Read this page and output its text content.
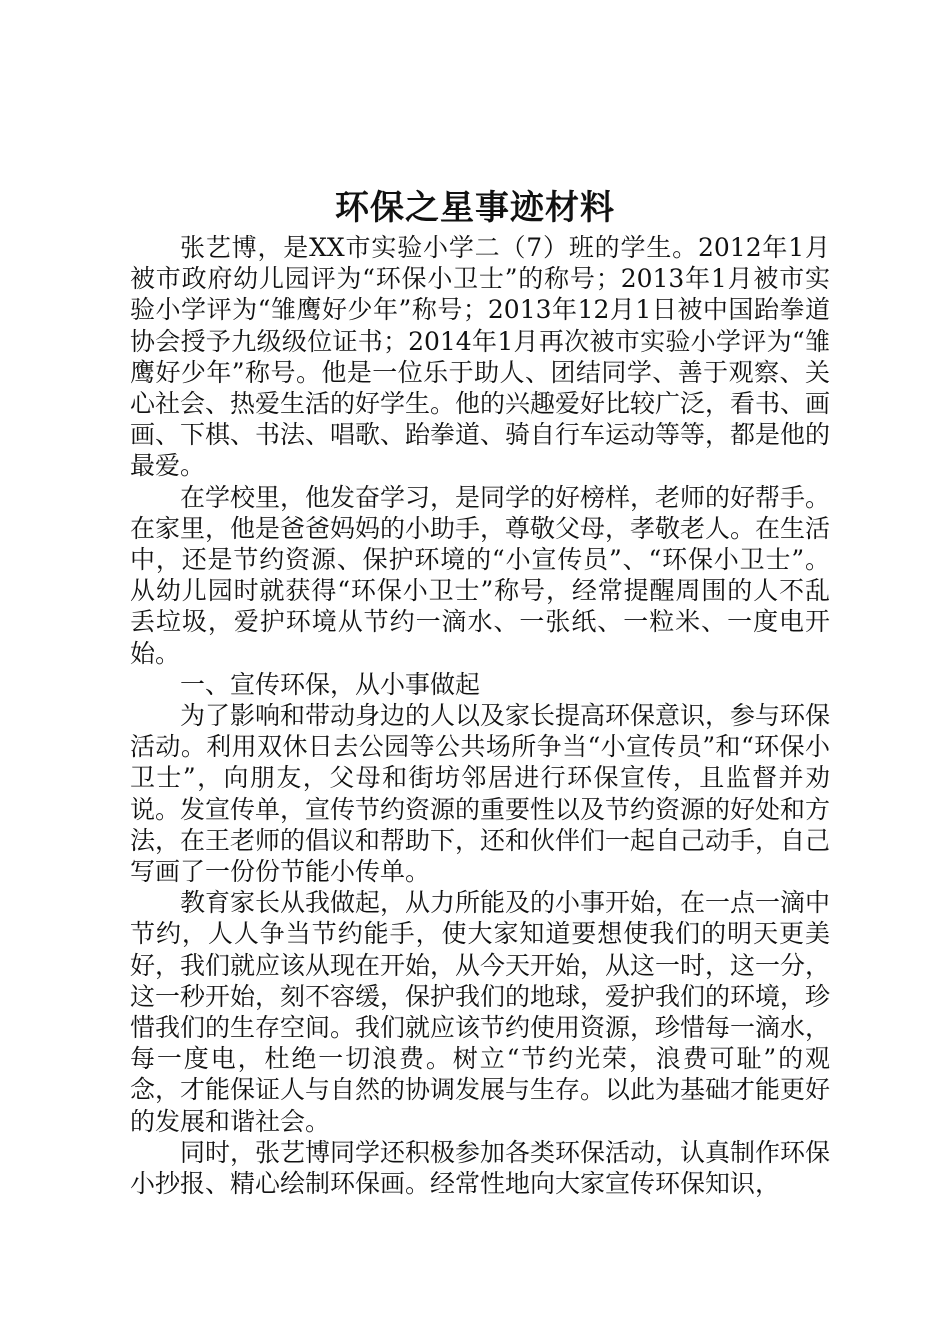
环保之星事迹材料

张艺博，是XX市实验小学二（7）班的学生。2012年1月被市政府幼儿园评为“环保小卫士”的称号；2013年1月被市实验小学评为“雏鹰好少年”称号；2013年12月1日被中国跆拳道协会授予九级级位证书；2014年1月再次被市实验小学评为“雏鹰好少年”称号。他是一位乐于助人、团结同学、善于观察、关心社会、热爱生活的好学生。他的兴趣爱好比较广泛，看书、画画、下棋、书法、唱歌、跆拳道、骑自行车运动等等，都是他的最爱。

在学校里，他发奋学习，是同学的好榜样，老师的好帮手。在家里，他是爸爸妈妈的小助手，尊敬父母，孝敬老人。在生活中，还是节约资源、保护环境的“小宣传员”、“环保小卫士”。从幼儿园时就获得“环保小卫士”称号，经常提醒周围的人不乱丢垃圾，爱护环境从节约一滴水、一张纸、一粒米、一度电开始。

一、宣传环保，从小事做起

为了影响和带动身边的人以及家长提高环保意识，参与环保活动。利用双休日去公园等公共场所争当“小宣传员”和“环保小卫士”，向朋友，父母和街坊邻居进行环保宣传，且监督并劝说。发宣传单，宣传节约资源的重要性以及节约资源的好处和方法，在王老师的倡议和帮助下，还和伙伴们一起自己动手，自己写画了一份份节能小传单。

教育家长从我做起，从力所能及的小事开始，在一点一滴中节约，人人争当节约能手，使大家知道要想使我们的明天更美好，我们就应该从现在开始，从今天开始，从这一时，这一分，这一秒开始，刻不容缓，保护我们的地球，爱护我们的环境，珍惜我们的生存空间。我们就应该节约使用资源，珍惜每一滴水，每一度电，杜绝一切浪费。树立“节约光荣，浪费可耻”的观念，才能保证人与自然的协调发展与生存。以此为基础才能更好的发展和谐社会。

同时，张艺博同学还积极参加各类环保活动，认真制作环保小抄报、精心绘制环保画。经常性地向大家宣传环保知识，
